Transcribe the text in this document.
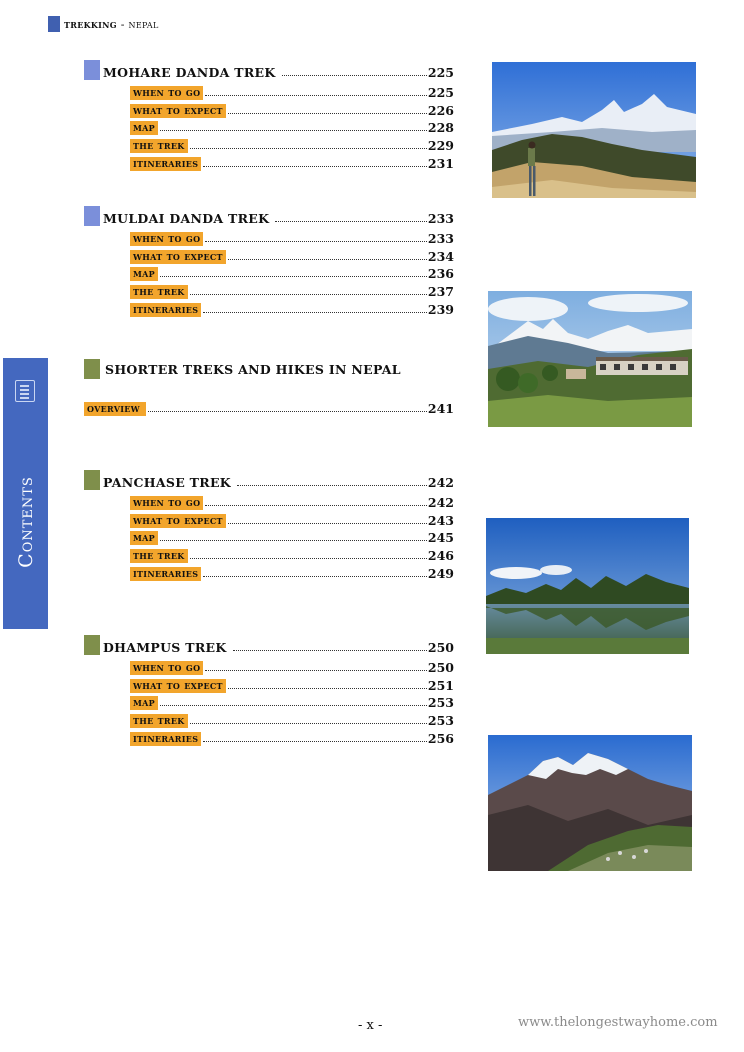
trekking - nepal
Contents
MOHARE DANDA TREK	225
when to go	225
what to expect	226
map	228
the trek	229
itineraries	231
MULDAI DANDA TREK	233
when to go	233
what to expect	234
map	236
the trek	237
itineraries	239
SHORTER TREKS AND HIKES IN NEPAL
overview	241
PANCHASE TREK	242
when to go	242
what to expect	243
map	245
the trek	246
itineraries	249
DHAMPUS TREK	250
when to go	250
what to expect	251
map	253
the trek	253
itineraries	256
- x -	www.thelongestwayhome.com
